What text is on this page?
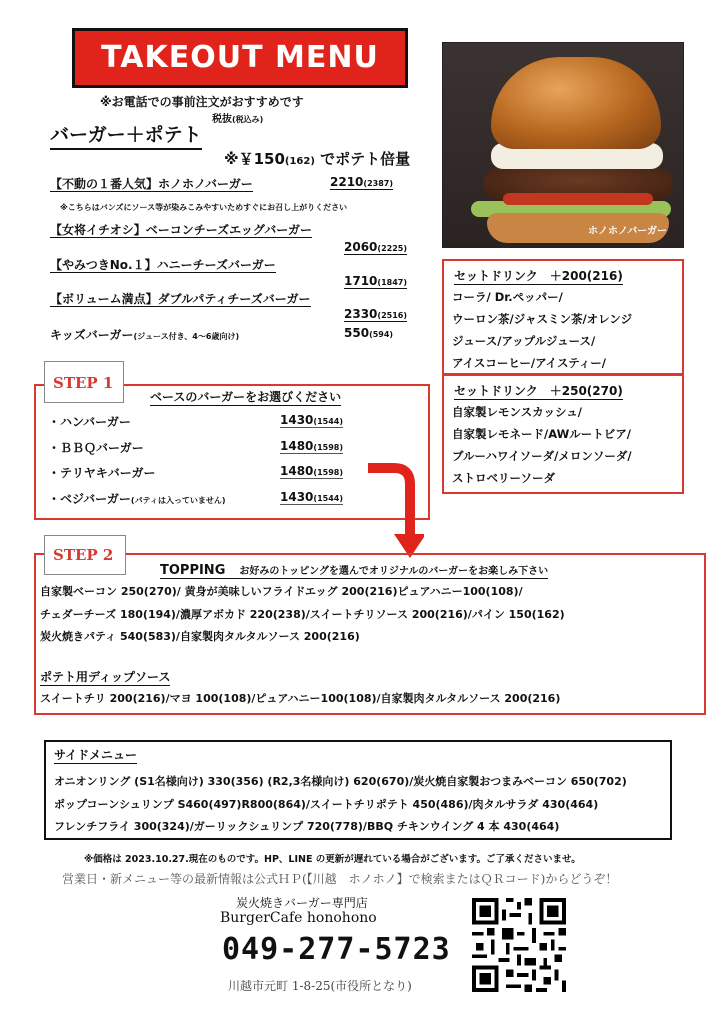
TAKEOUT MENU
※お電話での事前注文がおすすめです
ホノホノバーガー
税抜(税込み)
バーガー＋ポテト
※￥150(162) でポテト倍量
【不動の１番人気】ホノホノバーガー	2210(2387)
※こちらはバンズにソース等が染みこみやすいためすぐにお召し上がりください
【女将イチオシ】ベーコンチーズエッグバーガー
2060(2225)
【やみつきNo.１】ハニーチーズバーガー
1710(1847)
【ボリューム満点】ダブルパティチーズバーガー
2330(2516)
キッズバーガー(ジュース付き、4～6歳向け)	550(594)
セットドリンク　＋200(216)
コーラ/ Dr.ペッパー/
ウーロン茶/ジャスミン茶/オレンジ
ジュース/アップルジュース/
アイスコーヒー/アイスティー/
セットドリンク　＋250(270)
自家製レモンスカッシュ/
自家製レモネード/AWルートビア/
ブルーハワイソーダ/メロンソーダ/
ストロベリーソーダ
STEP 1
ベースのバーガーをお選びください
・ハンバーガー	1430(1544)
・ＢＢＱバーガー	1480(1598)
・テリヤキバーガー	1480(1598)
・ベジバーガー(パティは入っていません)	1430(1544)
STEP 2
TOPPING お好みのトッピングを選んでオリジナルのバーガーをお楽しみ下さい
自家製ベーコン 250(270)/ 黄身が美味しいフライドエッグ 200(216)ピュアハニー100(108)/
チェダーチーズ 180(194)/濃厚アボカド 220(238)/スイートチリソース 200(216)/パイン 150(162)
炭火焼きパティ 540(583)/自家製肉タルタルソース 200(216)
ポテト用ディップソース
スイートチリ 200(216)/マヨ 100(108)/ピュアハニー100(108)/自家製肉タルタルソース 200(216)
サイドメニュー
オニオンリング (S1名様向け) 330(356) (R2,3名様向け) 620(670)/炭火焼自家製おつまみベーコン 650(702)
ポップコーンシュリンプ S460(497)R800(864)/スイートチリポテト 450(486)/肉タルサラダ 430(464)
フレンチフライ 300(324)/ガーリックシュリンプ 720(778)/BBQ チキンウイング 4 本 430(464)
※価格は 2023.10.27.現在のものです。HP、LINE の更新が遅れている場合がございます。ご了承くださいませ。
営業日・新メニュー等の最新情報は公式ＨＰ(【川越　ホノホノ】で検索またはＱＲコード)からどうぞ！
炭火焼きバーガー専門店
BurgerCafe honohono
049-277-5723
川越市元町 1-8-25(市役所となり)
